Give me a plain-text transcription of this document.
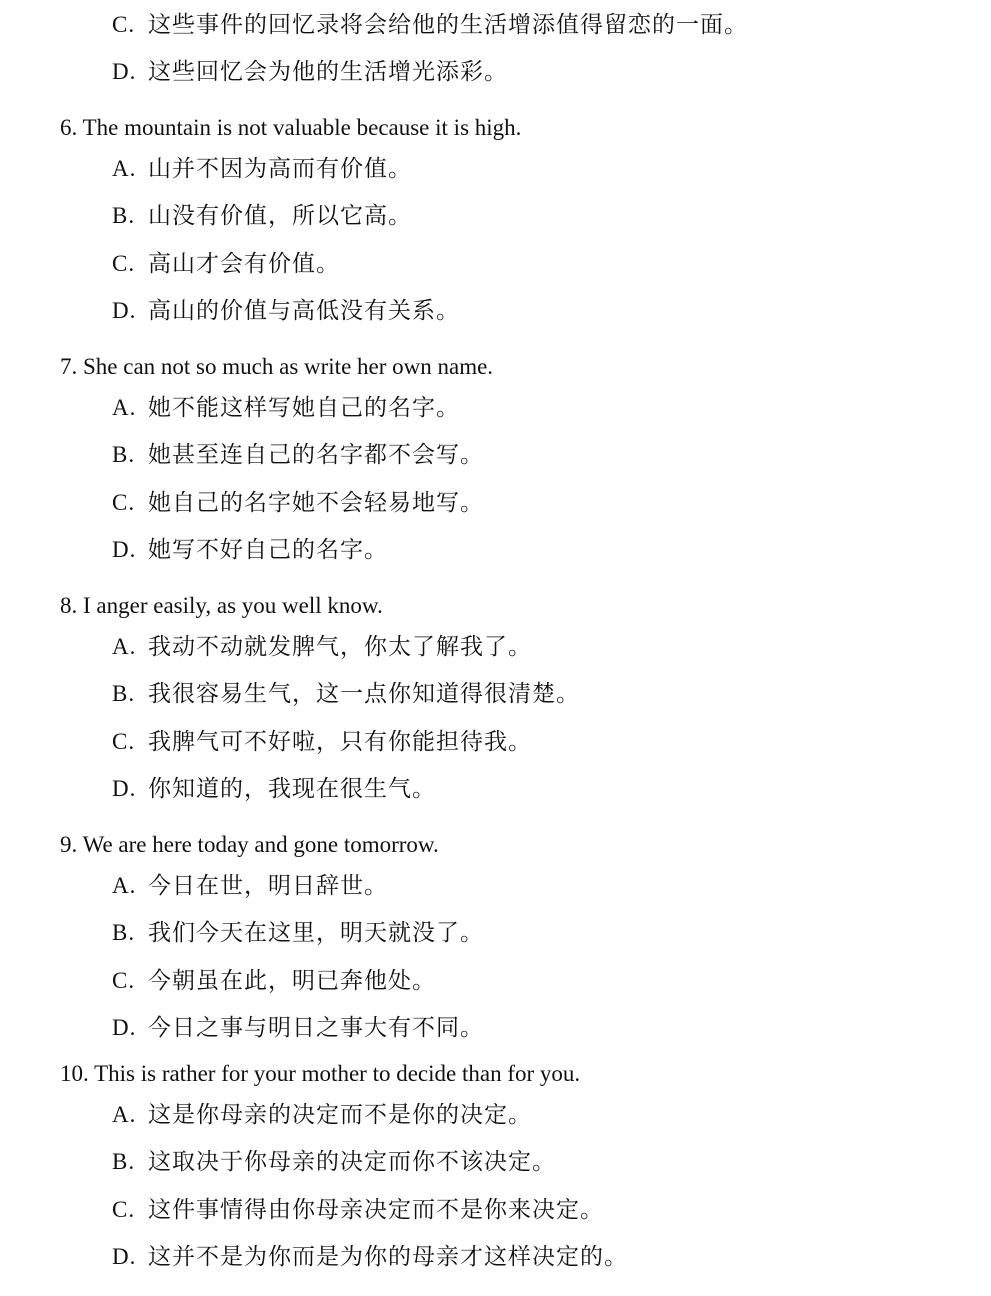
C. 这些事件的回忆录将会给他的生活增添值得留恋的一面。
D. 这些回忆会为他的生活增光添彩。
6. The mountain is not valuable because it is high.
A. 山并不因为高而有价值。
B. 山没有价值，所以它高。
C. 高山才会有价值。
D. 高山的价值与高低没有关系。
7. She can not so much as write her own name.
A. 她不能这样写她自己的名字。
B. 她甚至连自己的名字都不会写。
C. 她自己的名字她不会轻易地写。
D. 她写不好自己的名字。
8. I anger easily, as you well know.
A. 我动不动就发脾气，你太了解我了。
B. 我很容易生气，这一点你知道得很清楚。
C. 我脾气可不好啦，只有你能担待我。
D. 你知道的，我现在很生气。
9. We are here today and gone tomorrow.
A. 今日在世，明日辞世。
B. 我们今天在这里，明天就没了。
C. 今朝虽在此，明已奔他处。
D. 今日之事与明日之事大有不同。
10. This is rather for your mother to decide than for you.
A. 这是你母亲的决定而不是你的决定。
B. 这取决于你母亲的决定而你不该决定。
C. 这件事情得由你母亲决定而不是你来决定。
D. 这并不是为你而是为你的母亲才这样决定的。
